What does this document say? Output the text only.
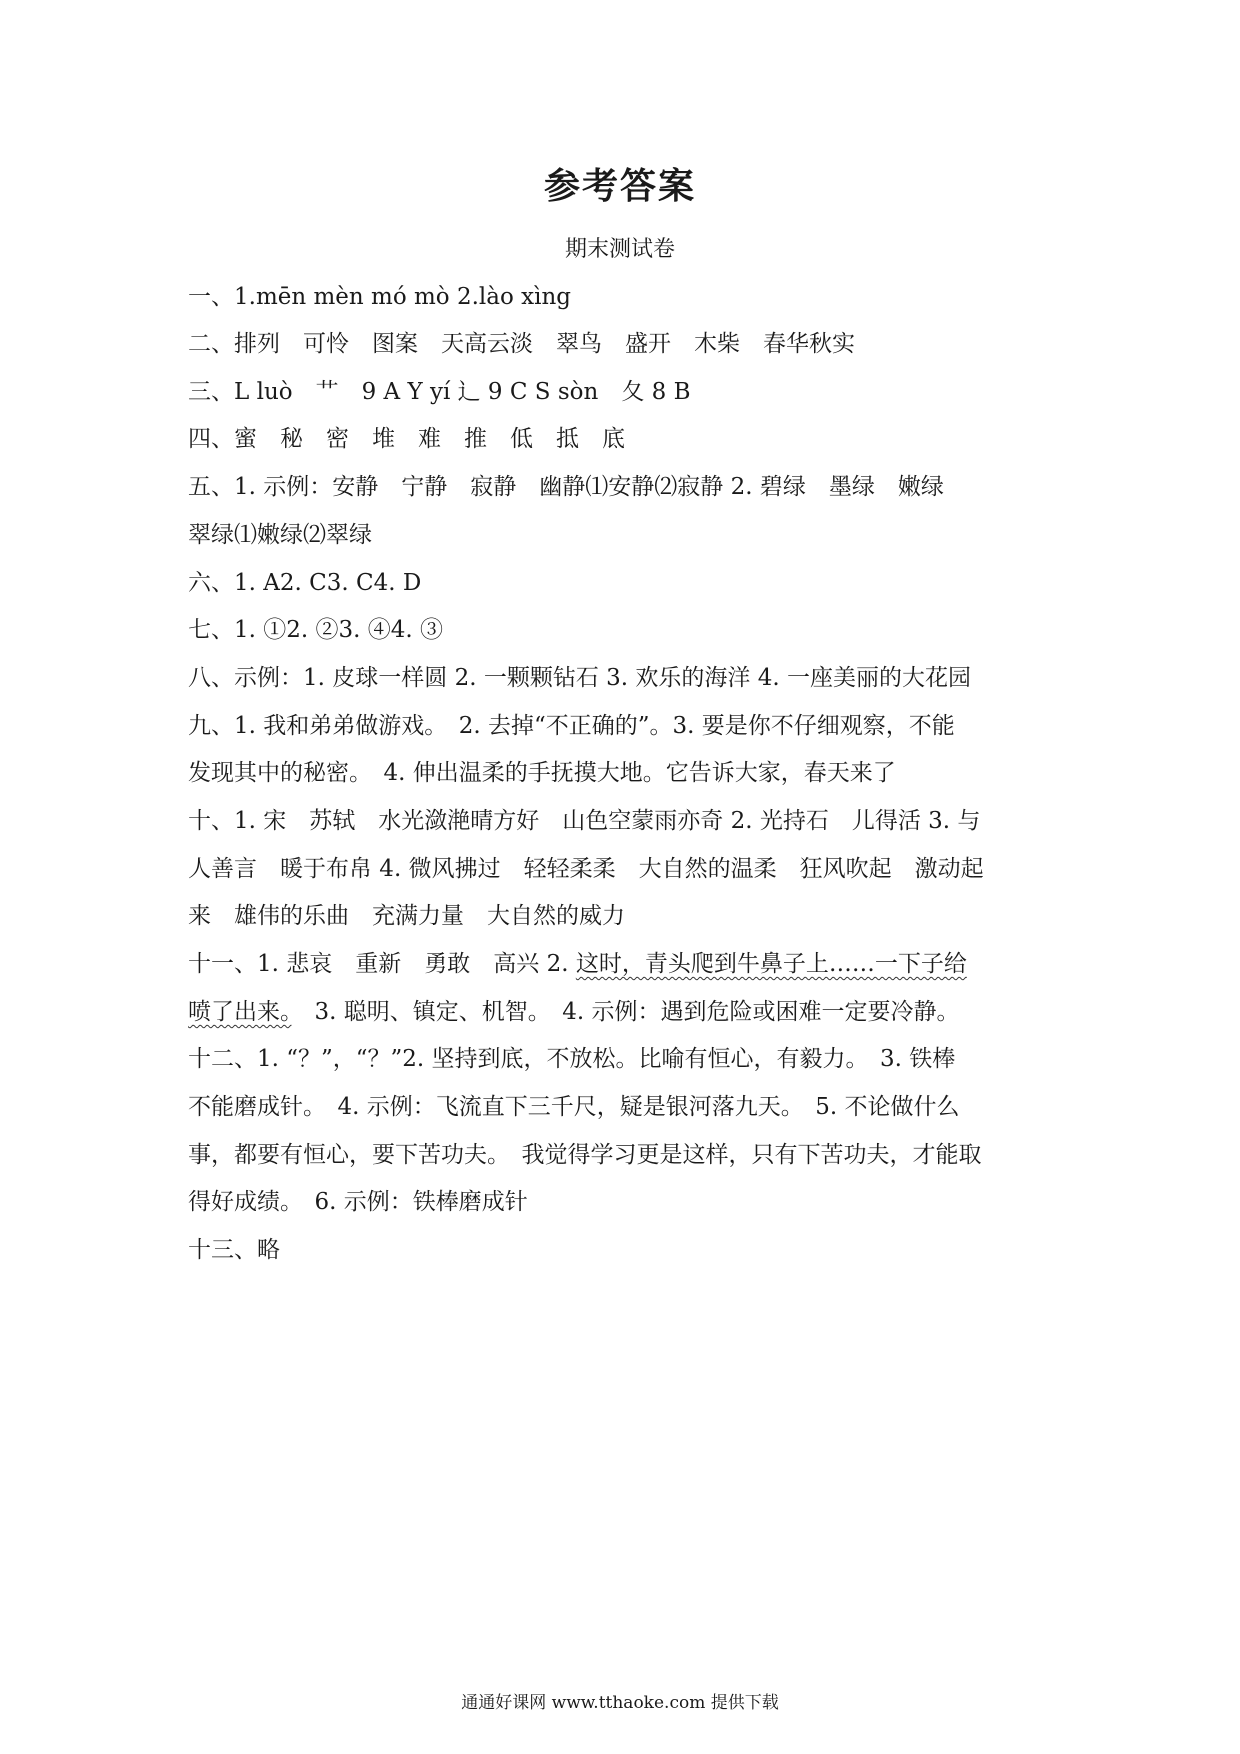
参考答案

期末测试卷

一、1.mēn mèn mó mò 2.lào xìng

二、排列　可怜　图案　天高云淡　翠鸟　盛开　木柴　春华秋实

三、L luò　艹　9 A Y yí 辶 9 C S sòn　夂 8 B

四、蜜　秘　密　堆　难　推　低　抵　底

五、1. 示例：安静　宁静　寂静　幽静⑴安静⑵寂静 2. 碧绿　墨绿　嫩绿

翠绿⑴嫩绿⑵翠绿

六、1. A2. C3. C4. D

七、1. ①2. ②3. ④4. ③

八、示例：1. 皮球一样圆 2. 一颗颗钻石 3. 欢乐的海洋 4. 一座美丽的大花园

九、1. 我和弟弟做游戏。　2. 去掉“不正确的”。3. 要是你不仔细观察，不能

发现其中的秘密。　4. 伸出温柔的手抚摸大地。它告诉大家，春天来了

十、1. 宋　苏轼　水光潋滟晴方好　山色空蒙雨亦奇 2. 光持石　儿得活 3. 与

人善言　暖于布帛 4. 微风拂过　轻轻柔柔　大自然的温柔　狂风吹起　激动起

来　雄伟的乐曲　充满力量　大自然的威力

十一、1. 悲哀　重新　勇敢　高兴 2. 这时，青头爬到牛鼻子上……一下子给

喷了出来。　3. 聪明、镇定、机智。　4. 示例：遇到危险或困难一定要冷静。

十二、1. “？”，“？”2. 坚持到底，不放松。比喻有恒心，有毅力。　3. 铁棒

不能磨成针。　4. 示例：飞流直下三千尺，疑是银河落九天。　5. 不论做什么

事，都要有恒心，要下苦功夫。　我觉得学习更是这样，只有下苦功夫，才能取

得好成绩。　6. 示例：铁棒磨成针

十三、略

通通好课网 www.tthaoke.com 提供下载
